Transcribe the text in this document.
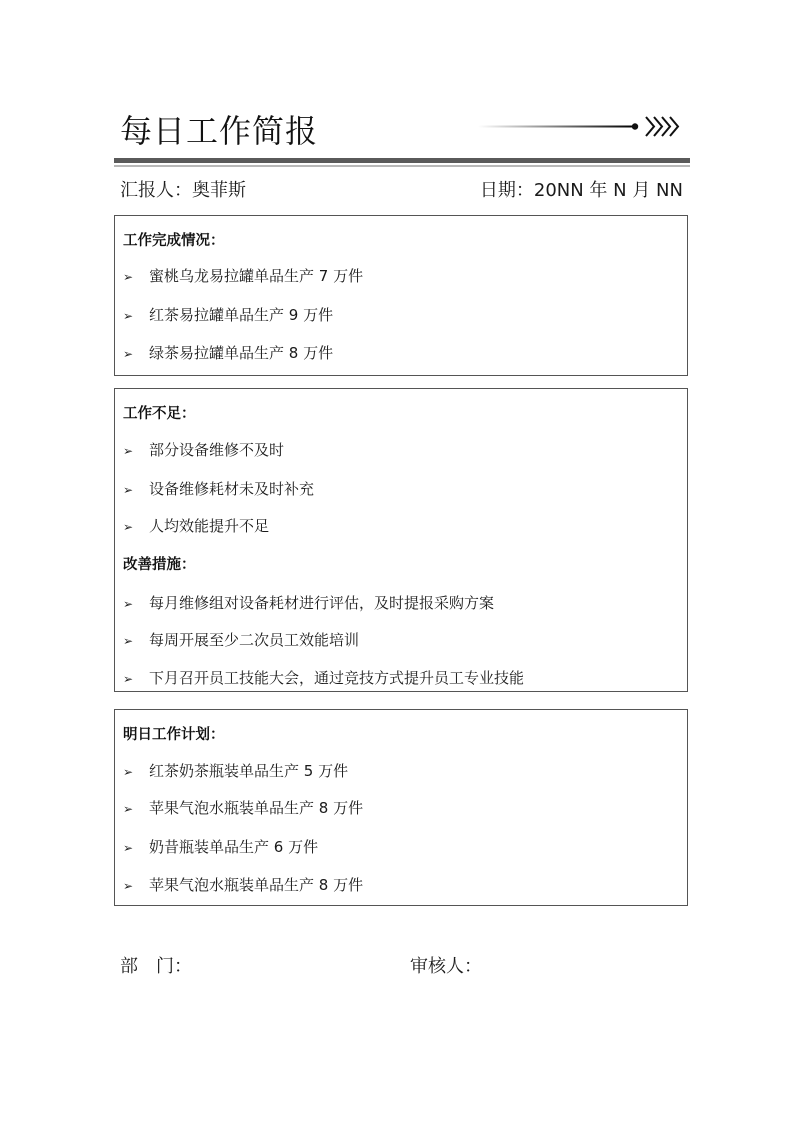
每日工作简报
汇报人：奥菲斯	日期：20NN 年 N 月 NN
工作完成情况：
➢ 蜜桃乌龙易拉罐单品生产 7 万件
➢ 红茶易拉罐单品生产 9 万件
➢ 绿茶易拉罐单品生产 8 万件
工作不足：
➢ 部分设备维修不及时
➢ 设备维修耗材未及时补充
➢ 人均效能提升不足
改善措施：
➢ 每月维修组对设备耗材进行评估，及时提报采购方案
➢ 每周开展至少二次员工效能培训
➢ 下月召开员工技能大会，通过竞技方式提升员工专业技能
明日工作计划：
➢ 红茶奶茶瓶装单品生产 5 万件
➢ 苹果气泡水瓶装单品生产 8 万件
➢ 奶昔瓶装单品生产 6 万件
➢ 苹果气泡水瓶装单品生产 8 万件
部　门：	审核人：
